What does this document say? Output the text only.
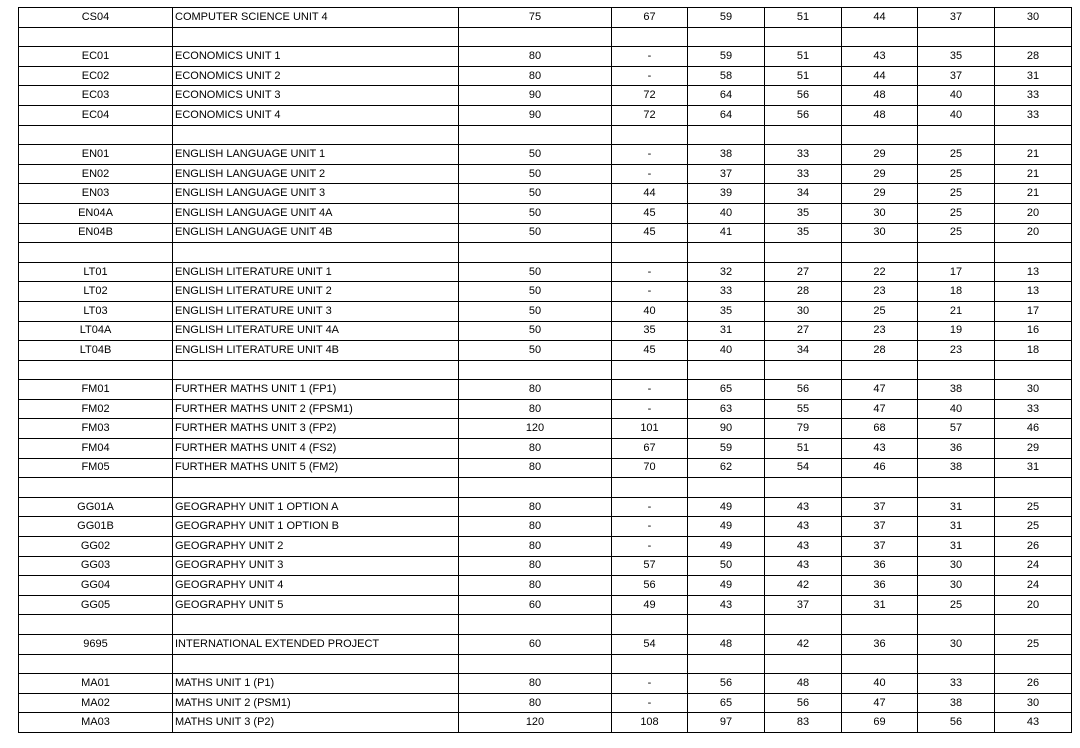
CS04	COMPUTER SCIENCE UNIT 4	75	67	59	51	44	37	30

EC01	ECONOMICS UNIT 1	80	-	59	51	43	35	28
EC02	ECONOMICS UNIT 2	80	-	58	51	44	37	31
EC03	ECONOMICS UNIT 3	90	72	64	56	48	40	33
EC04	ECONOMICS UNIT 4	90	72	64	56	48	40	33

EN01	ENGLISH LANGUAGE UNIT 1	50	-	38	33	29	25	21
EN02	ENGLISH LANGUAGE UNIT 2	50	-	37	33	29	25	21
EN03	ENGLISH LANGUAGE UNIT 3	50	44	39	34	29	25	21
EN04A	ENGLISH LANGUAGE UNIT 4A	50	45	40	35	30	25	20
EN04B	ENGLISH LANGUAGE UNIT 4B	50	45	41	35	30	25	20

LT01	ENGLISH LITERATURE UNIT 1	50	-	32	27	22	17	13
LT02	ENGLISH LITERATURE UNIT 2	50	-	33	28	23	18	13
LT03	ENGLISH LITERATURE UNIT 3	50	40	35	30	25	21	17
LT04A	ENGLISH LITERATURE UNIT 4A	50	35	31	27	23	19	16
LT04B	ENGLISH LITERATURE UNIT 4B	50	45	40	34	28	23	18

FM01	FURTHER MATHS UNIT 1 (FP1)	80	-	65	56	47	38	30
FM02	FURTHER MATHS UNIT 2 (FPSM1)	80	-	63	55	47	40	33
FM03	FURTHER MATHS UNIT 3 (FP2)	120	101	90	79	68	57	46
FM04	FURTHER MATHS UNIT 4 (FS2)	80	67	59	51	43	36	29
FM05	FURTHER MATHS UNIT 5 (FM2)	80	70	62	54	46	38	31

GG01A	GEOGRAPHY UNIT 1 OPTION A	80	-	49	43	37	31	25
GG01B	GEOGRAPHY UNIT 1 OPTION B	80	-	49	43	37	31	25
GG02	GEOGRAPHY UNIT 2	80	-	49	43	37	31	26
GG03	GEOGRAPHY UNIT 3	80	57	50	43	36	30	24
GG04	GEOGRAPHY UNIT 4	80	56	49	42	36	30	24
GG05	GEOGRAPHY UNIT 5	60	49	43	37	31	25	20

9695	INTERNATIONAL EXTENDED PROJECT	60	54	48	42	36	30	25

MA01	MATHS UNIT 1 (P1)	80	-	56	48	40	33	26
MA02	MATHS UNIT 2 (PSM1)	80	-	65	56	47	38	30
MA03	MATHS UNIT 3 (P2)	120	108	97	83	69	56	43
